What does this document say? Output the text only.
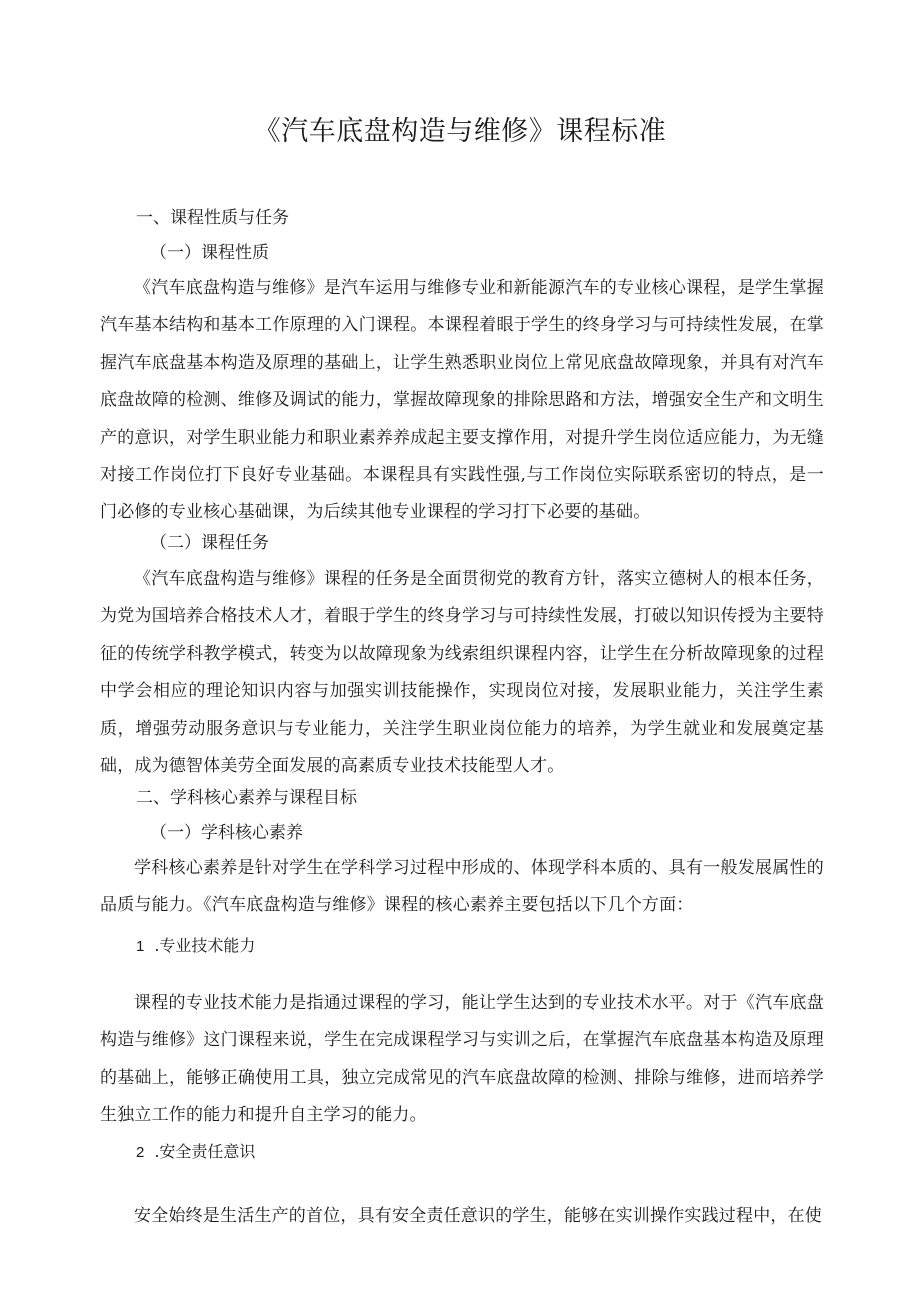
《汽车底盘构造与维修》课程标准
一、课程性质与任务
（一）课程性质

《汽车底盘构造与维修》是汽车运用与维修专业和新能源汽车的专业核心课程，是学生掌握汽车基本结构和基本工作原理的入门课程。本课程着眼于学生的终身学习与可持续性发展，在掌握汽车底盘基本构造及原理的基础上，让学生熟悉职业岗位上常见底盘故障现象，并具有对汽车底盘故障的检测、维修及调试的能力，掌握故障现象的排除思路和方法，增强安全生产和文明生产的意识，对学生职业能力和职业素养养成起主要支撑作用，对提升学生岗位适应能力，为无缝对接工作岗位打下良好专业基础。本课程具有实践性强,与工作岗位实际联系密切的特点，是一门必修的专业核心基础课，为后续其他专业课程的学习打下必要的基础。

（二）课程任务

《汽车底盘构造与维修》课程的任务是全面贯彻党的教育方针，落实立德树人的根本任务，为党为国培养合格技术人才，着眼于学生的终身学习与可持续性发展，打破以知识传授为主要特征的传统学科教学模式，转变为以故障现象为线索组织课程内容，让学生在分析故障现象的过程中学会相应的理论知识内容与加强实训技能操作，实现岗位对接，发展职业能力，关注学生素质，增强劳动服务意识与专业能力，关注学生职业岗位能力的培养，为学生就业和发展奠定基础，成为德智体美劳全面发展的高素质专业技术技能型人才。

二、学科核心素养与课程目标
（一）学科核心素养

学科核心素养是针对学生在学科学习过程中形成的、体现学科本质的、具有一般发展属性的品质与能力。《汽车底盘构造与维修》课程的核心素养主要包括以下几个方面：

1 .专业技术能力

课程的专业技术能力是指通过课程的学习，能让学生达到的专业技术水平。对于《汽车底盘构造与维修》这门课程来说，学生在完成课程学习与实训之后，在掌握汽车底盘基本构造及原理的基础上，能够正确使用工具，独立完成常见的汽车底盘故障的检测、排除与维修，进而培养学生独立工作的能力和提升自主学习的能力。

2 .安全责任意识

安全始终是生活生产的首位，具有安全责任意识的学生，能够在实训操作实践过程中，在使
